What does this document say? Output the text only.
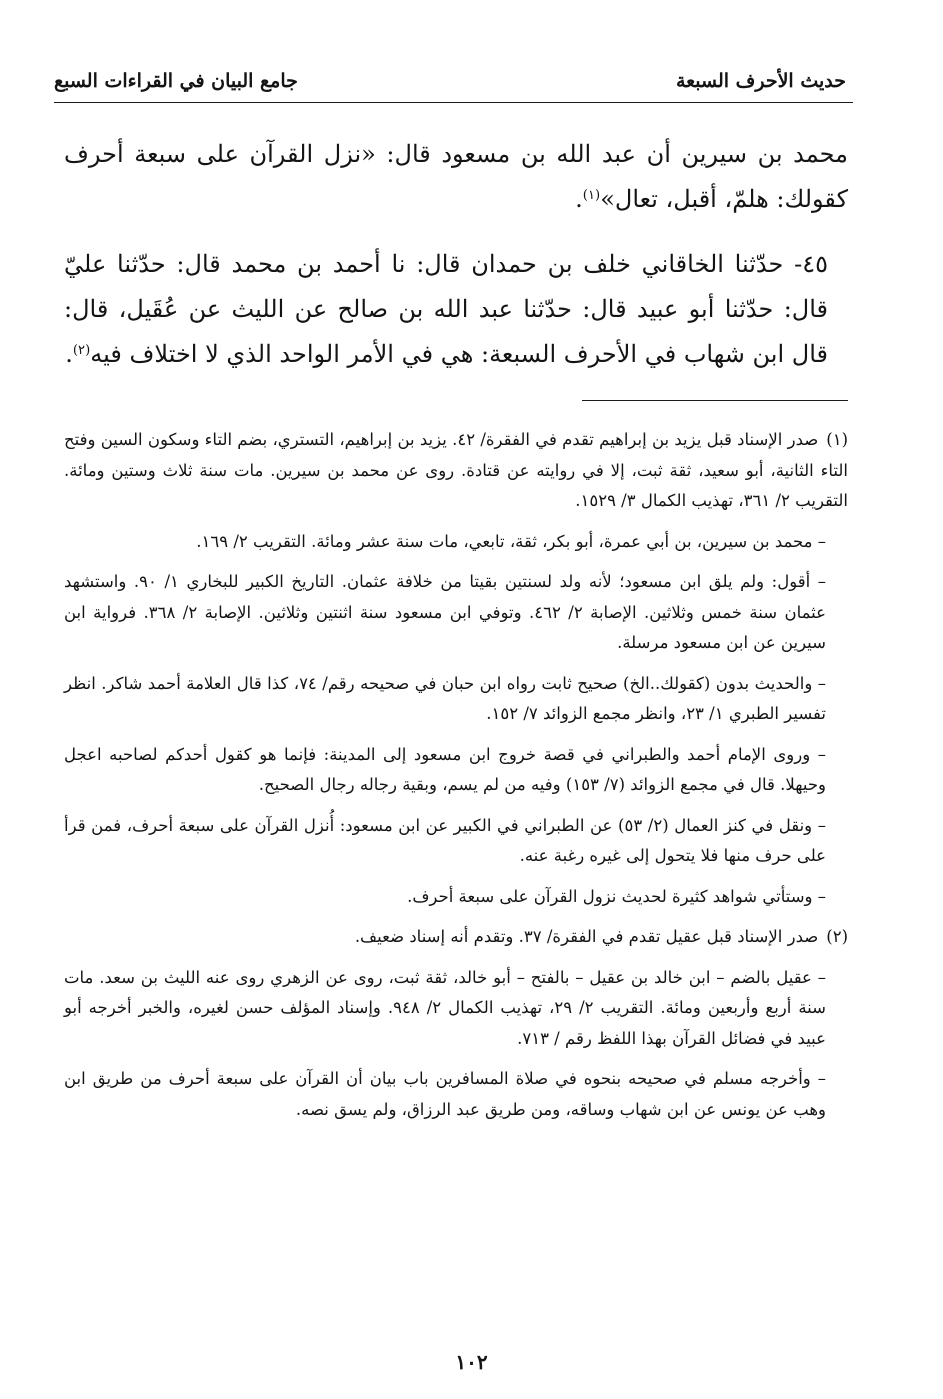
حديث الأحرف السبعة
جامع البيان في القراءات السبع

محمد بن سيرين أن عبد الله بن مسعود قال: «نزل القرآن على سبعة أحرف كقولك: هلمّ، أقبل، تعال»$^{(١)}$.

٤٥- حدّثنا الخاقاني خلف بن حمدان قال: نا أحمد بن محمد قال: حدّثنا عليّ قال: حدّثنا أبو عبيد قال: حدّثنا عبد الله بن صالح عن الليث عن عُقَيل، قال: قال ابن شهاب في الأحرف السبعة: هي في الأمر الواحد الذي لا اختلاف فيه$^{(٢)}$.

(١)صدر الإسناد قبل يزيد بن إبراهيم تقدم في الفقرة/ ٤٢. يزيد بن إبراهيم، التستري، بضم التاء وسكون السين وفتح التاء الثانية، أبو سعيد، ثقة ثبت، إلا في روايته عن قتادة. روى عن محمد بن سيرين. مات سنة ثلاث وستين ومائة. التقريب ٢/ ٣٦١، تهذيب الكمال ٣/ ١٥٢٩.

– محمد بن سيرين، بن أبي عمرة، أبو بكر، ثقة، تابعي، مات سنة عشر ومائة. التقريب ٢/ ١٦٩.

– أقول: ولم يلق ابن مسعود؛ لأنه ولد لسنتين بقيتا من خلافة عثمان. التاريخ الكبير للبخاري ١/ ٩٠. واستشهد عثمان سنة خمس وثلاثين. الإصابة ٢/ ٤٦٢. وتوفي ابن مسعود سنة اثنتين وثلاثين. الإصابة ٢/ ٣٦٨. فرواية ابن سيرين عن ابن مسعود مرسلة.

– والحديث بدون (كقولك..الخ) صحيح ثابت رواه ابن حبان في صحيحه رقم/ ٧٤، كذا قال العلامة أحمد شاكر. انظر تفسير الطبري ١/ ٢٣، وانظر مجمع الزوائد ٧/ ١٥٢.

– وروى الإمام أحمد والطبراني في قصة خروج ابن مسعود إلى المدينة: فإنما هو كقول أحدكم لصاحبه اعجل وحيهلا. قال في مجمع الزوائد (٧/ ١٥٣) وفيه من لم يسم، وبقية رجاله رجال الصحيح.

– ونقل في كنز العمال (٢/ ٥٣) عن الطبراني في الكبير عن ابن مسعود: أُنزل القرآن على سبعة أحرف، فمن قرأ على حرف منها فلا يتحول إلى غيره رغبة عنه.

– وستأتي شواهد كثيرة لحديث نزول القرآن على سبعة أحرف.

(٢)صدر الإسناد قبل عقيل تقدم في الفقرة/ ٣٧. وتقدم أنه إسناد ضعيف.

– عقيل بالضم – ابن خالد بن عقيل – بالفتح – أبو خالد، ثقة ثبت، روى عن الزهري روى عنه الليث بن سعد. مات سنة أربع وأربعين ومائة. التقريب ٢/ ٢٩، تهذيب الكمال ٢/ ٩٤٨. وإسناد المؤلف حسن لغيره، والخبر أخرجه أبو عبيد في فضائل القرآن بهذا اللفظ رقم / ٧١٣.

– وأخرجه مسلم في صحيحه بنحوه في صلاة المسافرين باب بيان أن القرآن على سبعة أحرف من طريق ابن وهب عن يونس عن ابن شهاب وساقه، ومن طريق عبد الرزاق، ولم يسق نصه.

١٠٢
